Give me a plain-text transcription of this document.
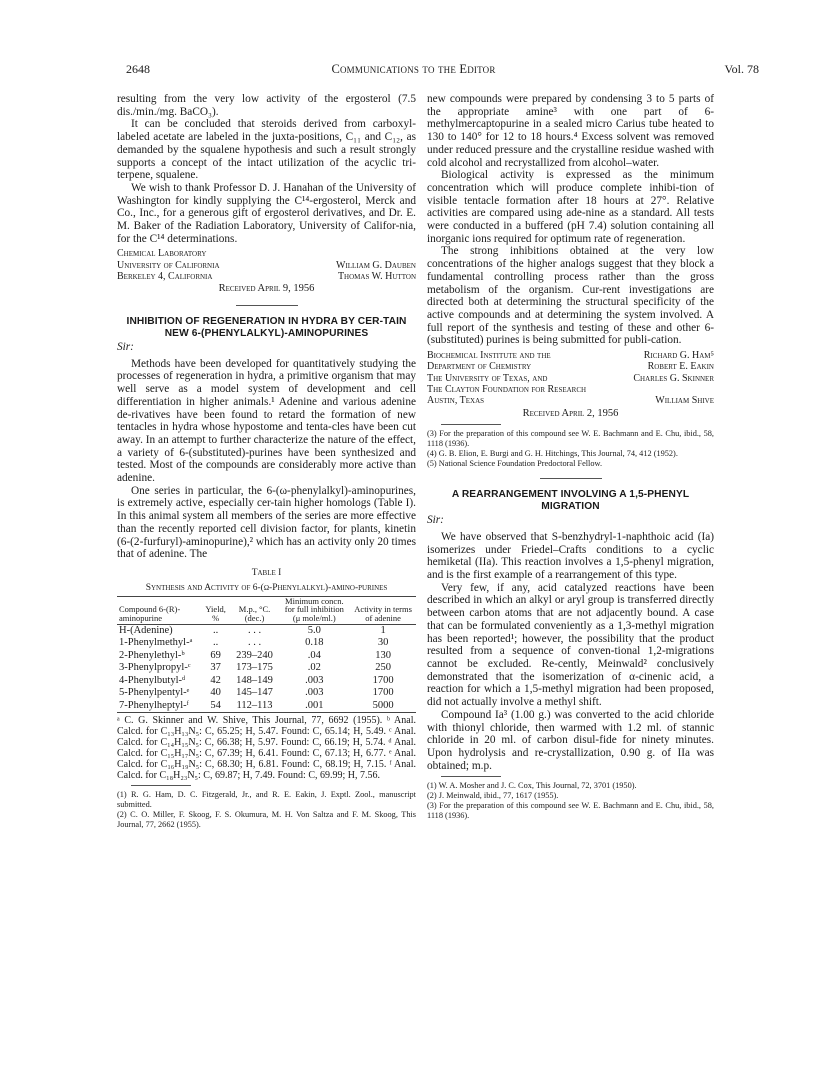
2648	Communications to the Editor	Vol. 78

resulting from the very low activity of the ergosterol (7.5 dis./min./mg. BaCO₃).

It can be concluded that steroids derived from carboxyl-labeled acetate are labeled in the juxta-positions, C₁₁ and C₁₂, as demanded by the squalene hypothesis and such a result strongly supports a concept of the intact utilization of the acyclic tri-terpene, squalene.

We wish to thank Professor D. J. Hanahan of the University of Washington for kindly supplying the C¹⁴-ergosterol, Merck and Co., Inc., for a generous gift of ergosterol derivatives, and Dr. E. M. Baker of the Radiation Laboratory, University of Califor-nia, for the C¹⁴ determinations.

Chemical Laboratory
University of California	William G. Dauben
Berkeley 4, California	Thomas W. Hutton
Received April 9, 1956
INHIBITION OF REGENERATION IN HYDRA BY CER-TAIN NEW 6-(PHENYLALKYL)-AMINOPURINES
Sir:

Methods have been developed for quantitatively studying the processes of regeneration in hydra, a primitive organism that may well serve as a model system of development and cell differentiation in higher animals.¹ Adenine and various adenine de-rivatives have been found to retard the formation of new tentacles in hydra whose hypostome and tenta-cles have been cut away. In an attempt to further characterize the nature of the effect, a variety of 6-(substituted)-purines have been synthesized and tested. Most of the compounds are considerably more active than adenine.

One series in particular, the 6-(ω-phenylalkyl)-aminopurines, is extremely active, especially cer-tain higher homologs (Table I). In this animal system all members of the series are more effective than the recently reported cell division factor, for plants, kinetin (6-(2-furfuryl)-aminopurine),² which has an activity only 20 times that of adenine. The

Table I
Synthesis and Activity of 6-(ω-Phenylalkyl)-amino-purines
Compound 6-(R)-aminopurine	Yield, %	M.p., °C. (dec.)	Minimum concn. for full inhibition (μ mole/ml.)	Activity in terms of adenine
H-(Adenine)	..	. . .	5.0	1
1-Phenylmethyl-ᵃ	..	. . .	0.18	30
2-Phenylethyl-ᵇ	69	239–240	.04	130
3-Phenylpropyl-ᶜ	37	173–175	.02	250
4-Phenylbutyl-ᵈ	42	148–149	.003	1700
5-Phenylpentyl-ᵉ	40	145–147	.003	1700
7-Phenylheptyl-ᶠ	54	112–113	.001	5000
ᵃ C. G. Skinner and W. Shive, This Journal, 77, 6692 (1955). ᵇ Anal. Calcd. for C₁₃H₁₃N₅: C, 65.25; H, 5.47. Found: C, 65.14; H, 5.49. ᶜ Anal. Calcd. for C₁₄H₁₅N₅: C, 66.38; H, 5.97. Found: C, 66.19; H, 5.74. ᵈ Anal. Calcd. for C₁₅H₁₇N₅: C, 67.39; H, 6.41. Found: C, 67.13; H, 6.77. ᵉ Anal. Calcd. for C₁₆H₁₉N₅: C, 68.30; H, 6.81. Found: C, 68.19; H, 7.15. ᶠ Anal. Calcd. for C₁₈H₂₃N₅: C, 69.87; H, 7.49. Found: C, 69.99; H, 7.56.

(1) R. G. Ham, D. C. Fitzgerald, Jr., and R. E. Eakin, J. Exptl. Zool., manuscript submitted.

(2) C. O. Miller, F. Skoog, F. S. Okumura, M. H. Von Saltza and F. M. Skoog, This Journal, 77, 2662 (1955).

new compounds were prepared by condensing 3 to 5 parts of the appropriate amine³ with one part of 6-methylmercaptopurine in a sealed micro Carius tube heated to 130 to 140° for 12 to 18 hours.⁴ Excess solvent was removed under reduced pressure and the crystalline residue washed with cold alcohol and recrystallized from alcohol–water.

Biological activity is expressed as the minimum concentration which will produce complete inhibi-tion of visible tentacle formation after 18 hours at 27°. Relative activities are compared using ade-nine as a standard. All tests were conducted in a buffered (pH 7.4) solution containing all inorganic ions required for optimum rate of regeneration.

The strong inhibitions obtained at the very low concentrations of the higher analogs suggest that they block a fundamental controlling process rather than the gross metabolism of the organism. Cur-rent investigations are directed both at determining the structural specificity of the active compounds and at determining the system involved. A full report of the synthesis and testing of these and other 6-(substituted) purines is being submitted for publi-cation.

Biochemical Institute and the	Richard G. Ham⁵
Department of Chemistry	Robert E. Eakin
The University of Texas, and	Charles G. Skinner
The Clayton Foundation for Research
Austin, Texas	William Shive
Received April 2, 1956

(3) For the preparation of this compound see W. E. Bachmann and E. Chu, ibid., 58, 1118 (1936).

(4) G. B. Elion, E. Burgi and G. H. Hitchings, This Journal, 74, 412 (1952).

(5) National Science Foundation Predoctoral Fellow.

A REARRANGEMENT INVOLVING A 1,5-PHENYL MIGRATION
Sir:

We have observed that S-benzhydryl-1-naphthoic acid (Ia) isomerizes under Friedel–Crafts conditions to a cyclic hemiketal (IIa). This reaction involves a 1,5-phenyl migration, and is the first example of a rearrangement of this type.

Very few, if any, acid catalyzed reactions have been described in which an alkyl or aryl group is transferred directly between carbon atoms that are not adjacently bound. A case that can be formulated conveniently as a 1,3-methyl migration has been reported¹; however, the possibility that the product resulted from a sequence of conven-tional 1,2-migrations cannot be excluded. Re-cently, Meinwald² conclusively demonstrated that the isomerization of α-cinenic acid, a reaction for which a 1,5-methyl migration had been proposed, did not actually involve a methyl shift.

Compound Ia³ (1.00 g.) was converted to the acid chloride with thionyl chloride, then warmed with 1.2 ml. of stannic chloride in 20 ml. of carbon disul-fide for ninety minutes. Upon hydrolysis and re-crystallization, 0.90 g. of IIa was obtained; m.p.

(1) W. A. Mosher and J. C. Cox, This Journal, 72, 3701 (1950).

(2) J. Meinwald, ibid., 77, 1617 (1955).

(3) For the preparation of this compound see W. E. Bachmann and E. Chu, ibid., 58, 1118 (1936).
